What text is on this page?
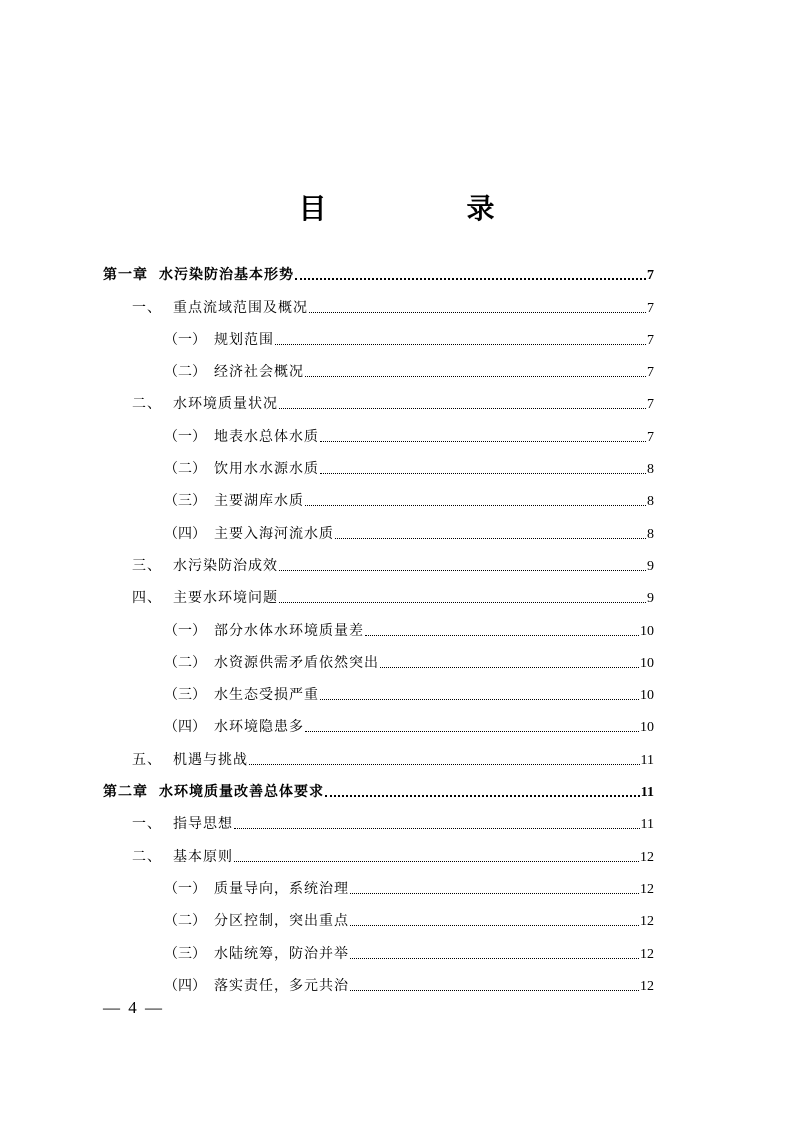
目　录
第一章 水污染防治基本形势	7
一、 重点流域范围及概况	7
（一） 规划范围	7
（二） 经济社会概况	7
二、 水环境质量状况	7
（一） 地表水总体水质	7
（二） 饮用水水源水质	8
（三） 主要湖库水质	8
（四） 主要入海河流水质	8
三、 水污染防治成效	9
四、 主要水环境问题	9
（一） 部分水体水环境质量差	10
（二） 水资源供需矛盾依然突出	10
（三） 水生态受损严重	10
（四） 水环境隐患多	10
五、 机遇与挑战	11
第二章 水环境质量改善总体要求	11
一、 指导思想	11
二、 基本原则	12
（一） 质量导向，系统治理	12
（二） 分区控制，突出重点	12
（三） 水陆统筹，防治并举	12
（四） 落实责任，多元共治	12
— 4 —
